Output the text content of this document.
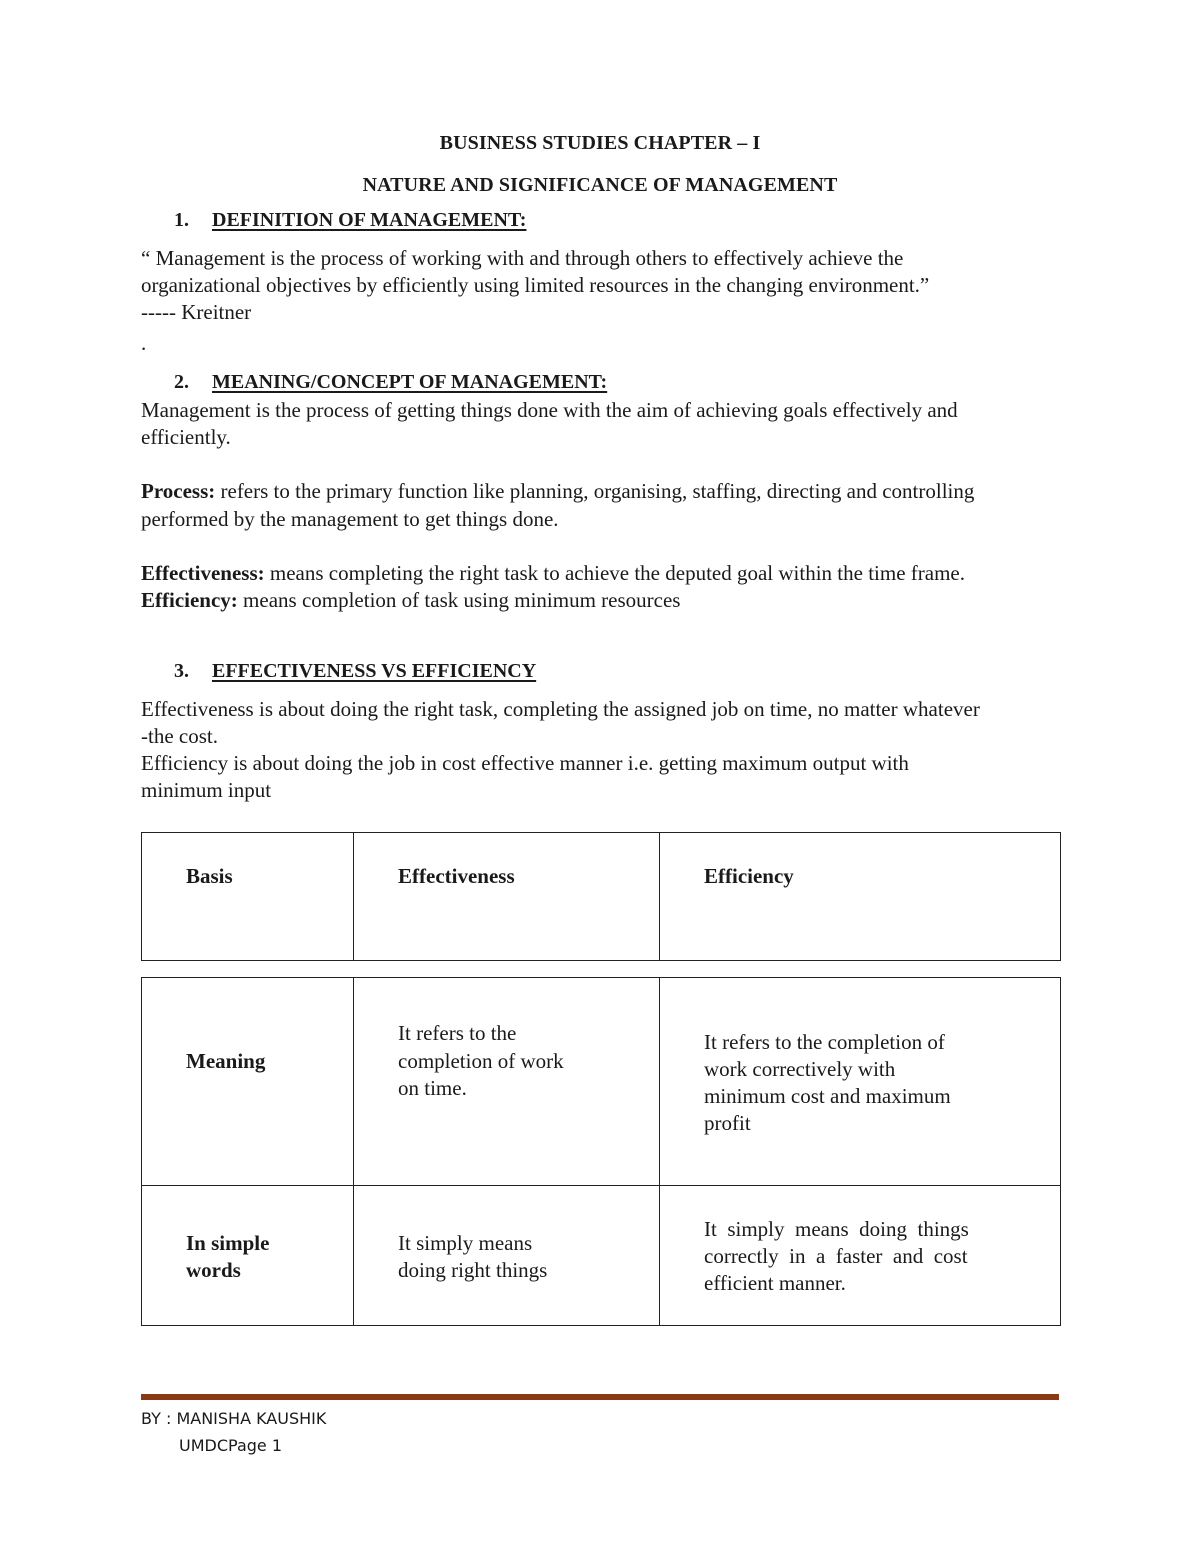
BUSINESS STUDIES CHAPTER – I

NATURE AND SIGNIFICANCE OF MANAGEMENT

1. DEFINITION OF MANAGEMENT:

“ Management is the process of working with and through others to effectively achieve the

organizational objectives by efficiently using limited resources in the changing environment.”

----- Kreitner

.

2. MEANING/CONCEPT OF MANAGEMENT:

Management is the process of getting things done with the aim of achieving goals effectively and

efficiently.

Process: refers to the primary function like planning, organising, staffing, directing and controlling

performed by the management to get things done.

Effectiveness: means completing the right task to achieve the deputed goal within the time frame.

Efficiency: means completion of task using minimum resources

3. EFFECTIVENESS VS EFFICIENCY

Effectiveness is about doing the right task, completing the assigned job on time, no matter whatever

-the cost.

Efficiency is about doing the job in cost effective manner i.e. getting maximum output with

minimum input

Basis	Effectiveness	Efficiency
Meaning	It refers to the
completion of work
on time.	It refers to the completion of
work correctively with
minimum cost and maximum
profit

In simple
words	It simply means
doing right things	It  simply  means  doing  things
correctly  in  a  faster  and  cost
efficient manner.

BY : MANISHA KAUSHIK

UMDCPage 1
